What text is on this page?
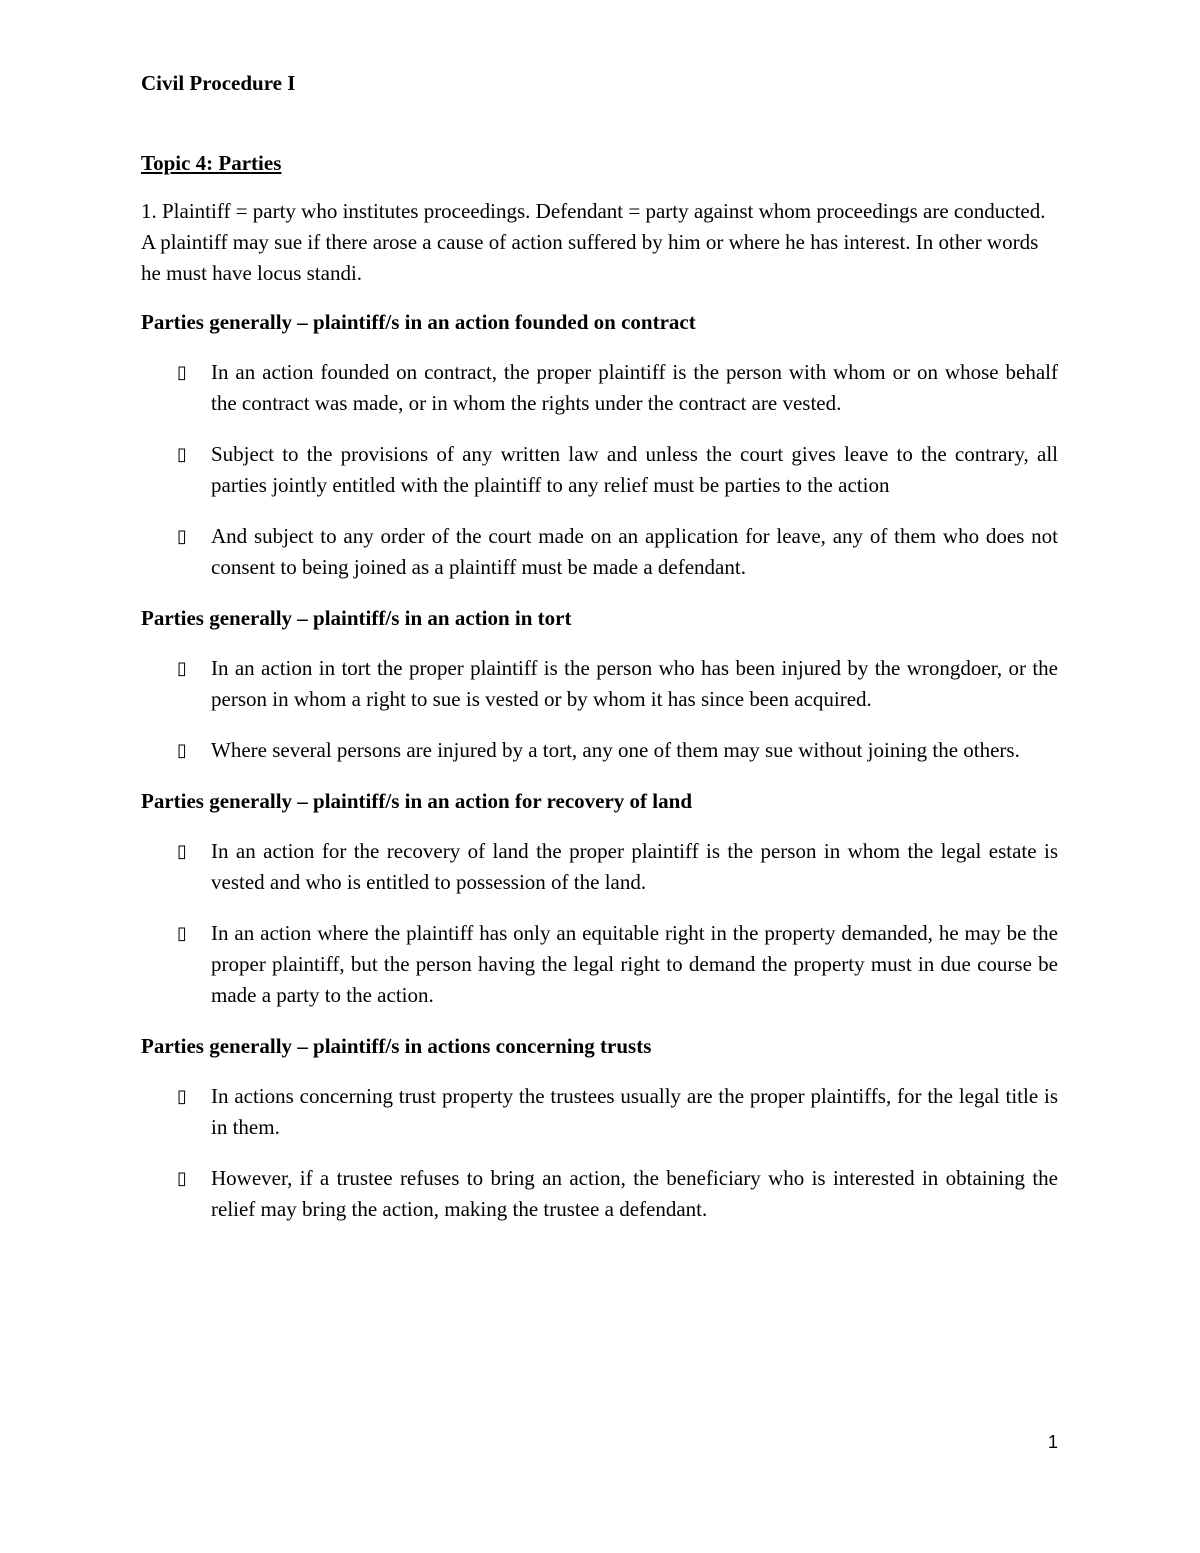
Civil Procedure I
Topic 4: Parties

1. Plaintiff = party who institutes proceedings. Defendant = party against whom proceedings are conducted. A plaintiff may sue if there arose a cause of action suffered by him or where he has interest. In other words he must have locus standi.

Parties generally – plaintiff/s in an action founded on contract
▯ In an action founded on contract, the proper plaintiff is the person with whom or on whose behalf the contract was made, or in whom the rights under the contract are vested.
▯ Subject to the provisions of any written law and unless the court gives leave to the contrary, all parties jointly entitled with the plaintiff to any relief must be parties to the action
▯ And subject to any order of the court made on an application for leave, any of them who does not consent to being joined as a plaintiff must be made a defendant.
Parties generally – plaintiff/s in an action in tort
▯ In an action in tort the proper plaintiff is the person who has been injured by the wrongdoer, or the person in whom a right to sue is vested or by whom it has since been acquired.
▯ Where several persons are injured by a tort, any one of them may sue without joining the others.
Parties generally – plaintiff/s in an action for recovery of land
▯ In an action for the recovery of land the proper plaintiff is the person in whom the legal estate is vested and who is entitled to possession of the land.
▯ In an action where the plaintiff has only an equitable right in the property demanded, he may be the proper plaintiff, but the person having the legal right to demand the property must in due course be made a party to the action.
Parties generally – plaintiff/s in actions concerning trusts
▯ In actions concerning trust property the trustees usually are the proper plaintiffs, for the legal title is in them.
▯ However, if a trustee refuses to bring an action, the beneficiary who is interested in obtaining the relief may bring the action, making the trustee a defendant.
1
